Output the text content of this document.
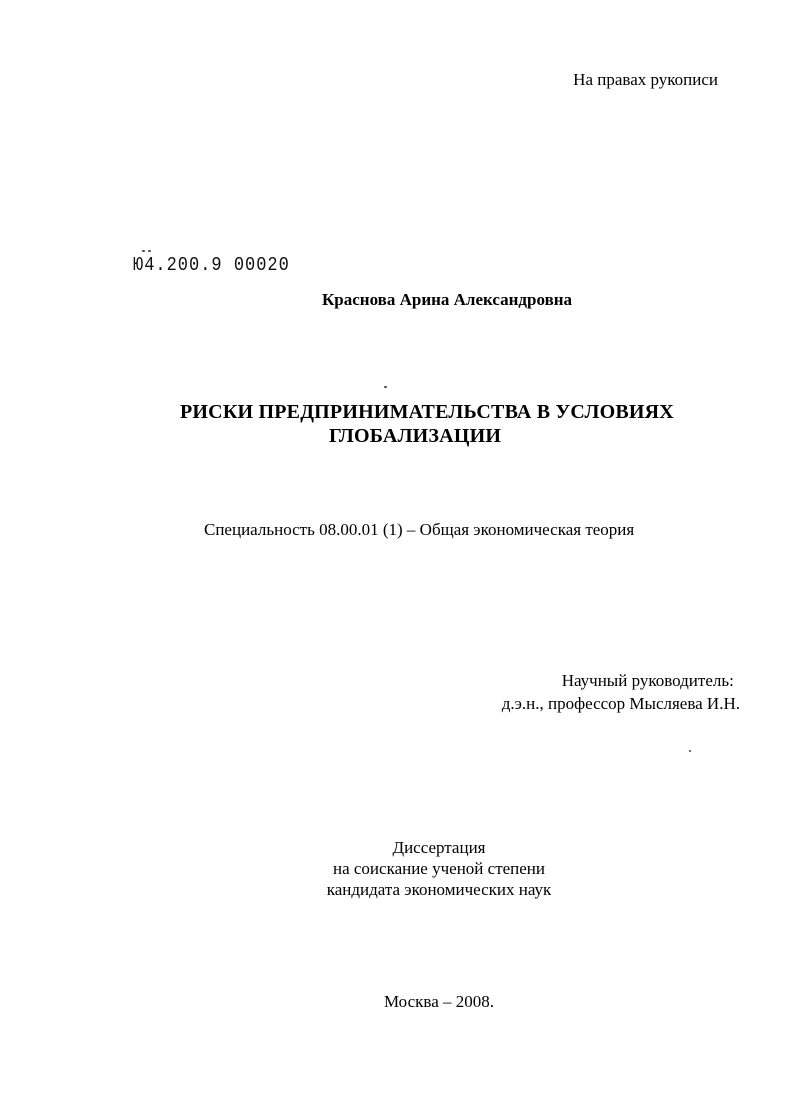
На правах рукописи
Ю4.200.9 00020
Краснова Арина Александровна
РИСКИ ПРЕДПРИНИМАТЕЛЬСТВА В УСЛОВИЯХ
ГЛОБАЛИЗАЦИИ
Специальность 08.00.01 (1) – Общая экономическая теория
Научный руководитель:
д.э.н., профессор Мысляева И.Н.
Диссертация
на соискание ученой степени
кандидата экономических наук
Москва – 2008.
